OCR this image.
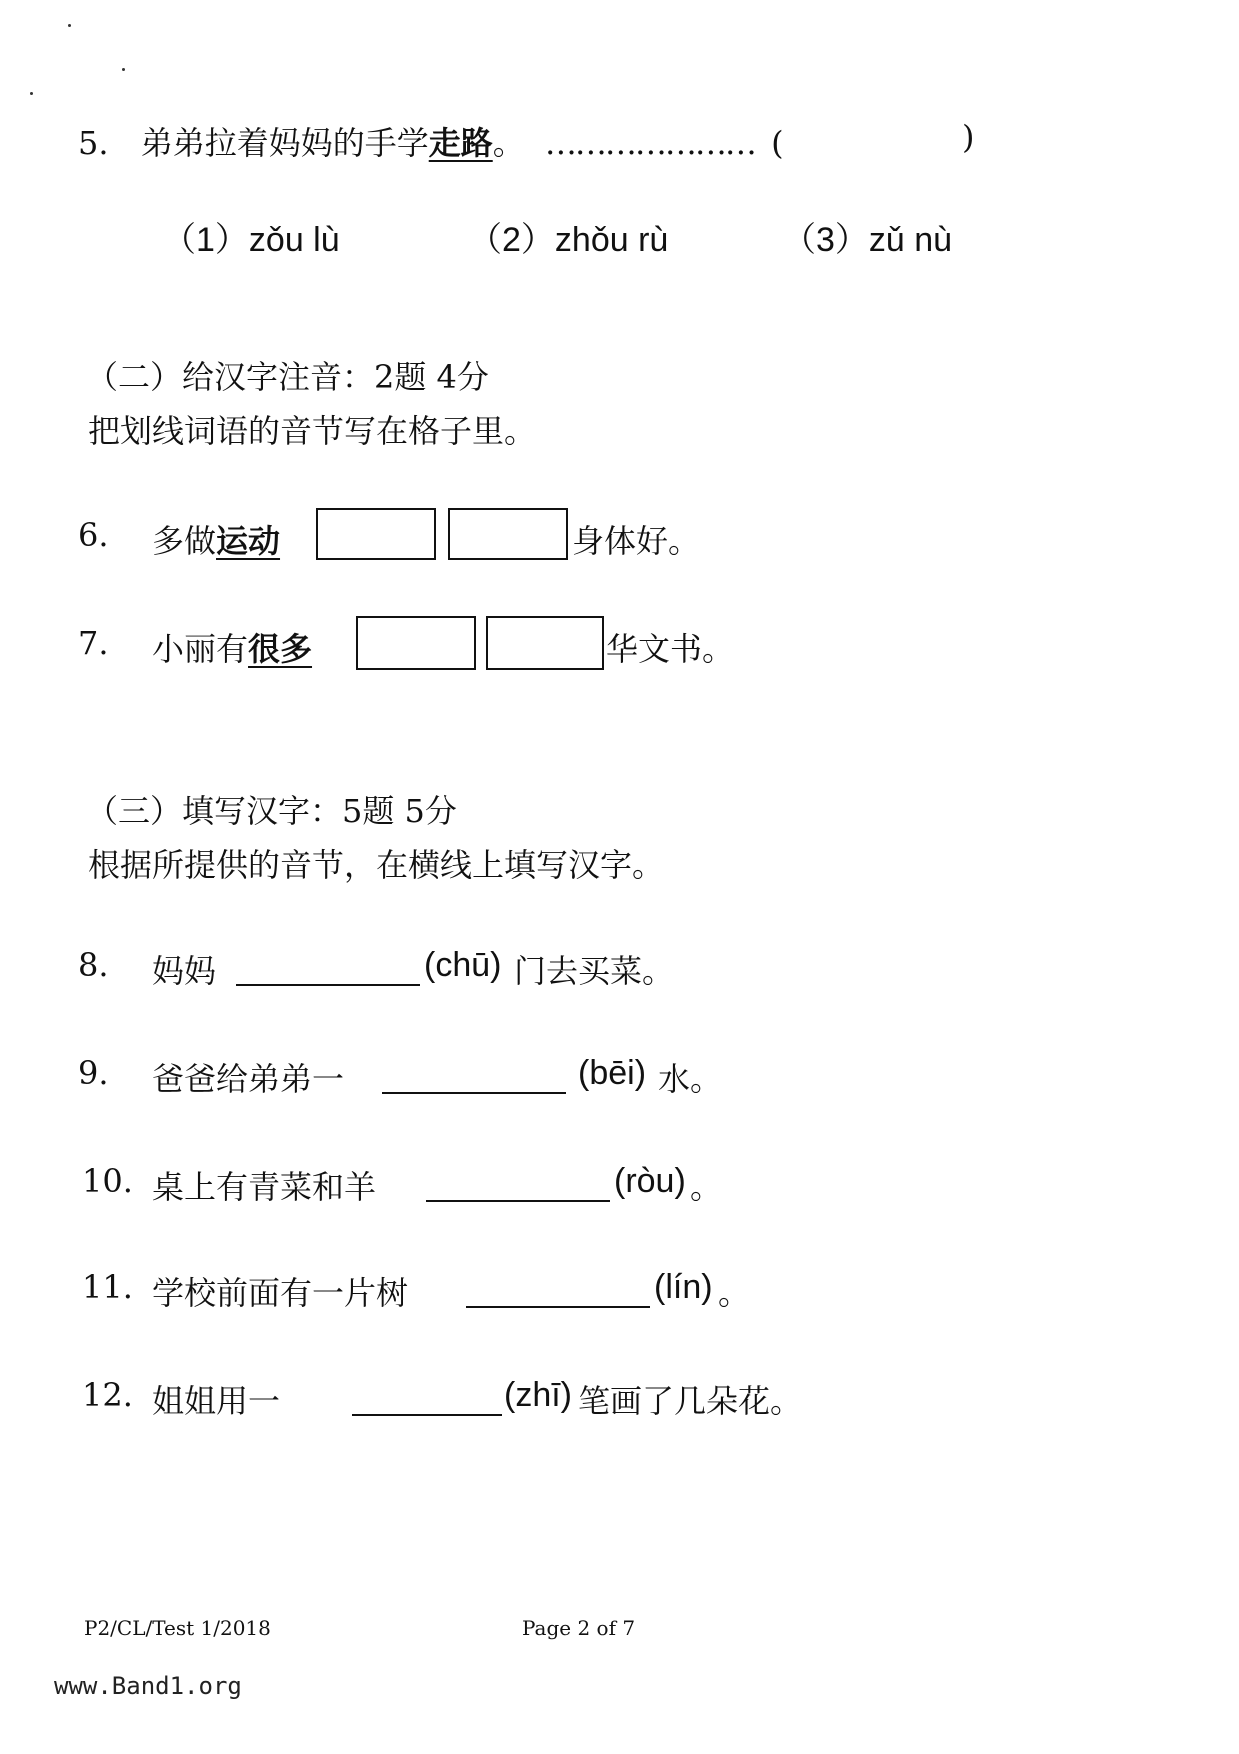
5. 弟弟拉着妈妈的手学走路。 ………………… (	)
（1）zǒu lù	（2）zhǒu rù	（3）zǔ nù
（二）给汉字注音：2题 4分
把划线词语的音节写在格子里。
6. 多做运动	身体好。
7. 小丽有很多	华文书。
（三）填写汉字：5题 5分
根据所提供的音节，在横线上填写汉字。
8. 妈妈	(chū) 门去买菜。
9. 爸爸给弟弟一	(bēi) 水。
10. 桌上有青菜和羊	(ròu) 。
11. 学校前面有一片树	(lín) 。
12. 姐姐用一	(zhī) 笔画了几朵花。
P2/CL/Test 1/2018	Page 2 of 7
www.Band1.org
